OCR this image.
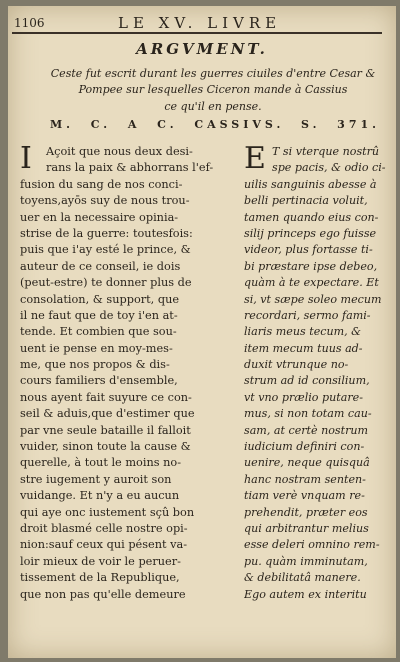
1106	LE XV. LIVRE
ARGVMENT.
Ceste fut escrit durant les guerres ciuiles d'entre Cesar &
Pompee sur lesquelles Ciceron mande à Cassius
ce qu'il en pense.
M. C. A C. CASSIVS. S. 371.
I	Açoit que nous deux desi-
rans la paix & abhorrans l'ef-
fusion du sang de nos conci-
toyens,ayōs suy de nous trou-
uer en la necessaire opinia-
strise de la guerre: toutesfois:
puis que i'ay esté le prince, &
auteur de ce conseil, ie dois
(peut-estre) te donner plus de
consolation, & support, que
il ne faut que de toy i'en at-
tende. Et combien que sou-
uent ie pense en moy-mes-
me, que nos propos & dis-
cours familiers d'ensemble,
nous ayent fait suyure ce con-
seil & aduis,que d'estimer que
par vne seule bataille il falloit
vuider, sinon toute la cause &
querelle, à tout le moins no-
stre iugement y auroit son
vuidange. Et n'y a eu aucun
qui aye onc iustement sçû bon
droit blasmé celle nostre opi-
nion:sauf ceux qui pésent va-
loir mieux de voir le peruer-
tissement de la Republique,
que non pas qu'elle demeure
E T si vterque nostrû
spe pacis, & odio ci-
uilis sanguinis abesse à
belli pertinacia voluit,
tamen quando eius con-
silij princeps ego fuisse
videor, plus fortasse ti-
bi præstare ipse debeo,
quàm à te expectare. Et
si, vt sæpe soleo mecum
recordari, sermo fami-
liaris meus tecum, &
item mecum tuus ad-
duxit vtrunque no-
strum ad id consilium,
vt vno prælio putare-
mus, si non totam cau-
sam, at certè nostrum
iudicium definiri con-
uenire, neque quisquâ
hanc nostram senten-
tiam verè vnquam re-
prehendit, præter eos
qui arbitrantur melius
esse deleri omnino rem-
pu. quàm imminutam,
& debilitatâ manere.
Ego autem ex interitu
